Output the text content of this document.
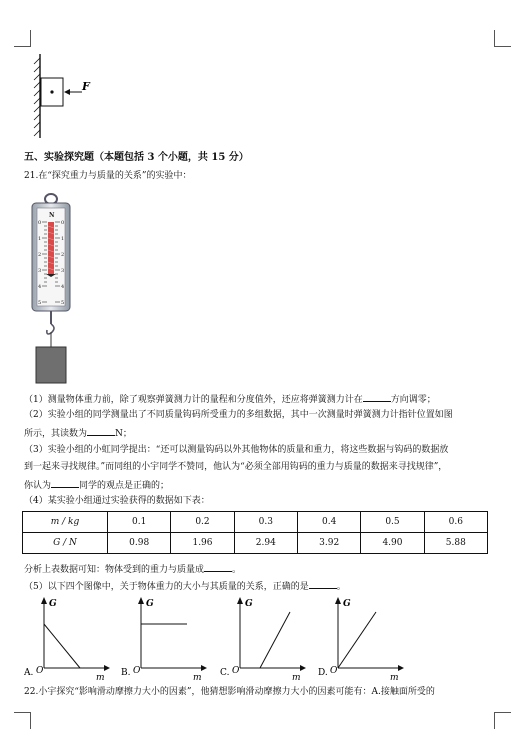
F
五、实验探究题（本题包括 3 个小题，共 15 分）
21.在“探究重力与质量的关系”的实验中：
N
0
1
2
3
4
5
0
1
2
3
4
5
（1）测量物体重力前，除了观察弹簧测力计的量程和分度值外，还应将弹簧测力计在	方向调零；
（2）实验小组的同学测量出了不同质量钩码所受重力的多组数据，其中一次测量时弹簧测力计指针位置如图
所示，其读数为	N；
（3）实验小组的小虹同学提出：“还可以测量钩码以外其他物体的质量和重力，将这些数据与钩码的数据放
到一起来寻找规律。”而同组的小宇同学不赞同，他认为“必须全部用钩码的重力与质量的数据来寻找规律”，
你认为	同学的观点是正确的；
（4）某实验小组通过实验获得的数据如下表：
m / kg	0.1	0.2	0.3	0.4	0.5	0.6
G / N	0.98	1.96	2.94	3.92	4.90	5.88
分析上表数据可知：物体受到的重力与质量成	。
（5）以下四个图像中，关于物体重力的大小与其质量的关系，正确的是	。
G
m
O
A.
G
m
O
B.
G
m
O
C.
G
m
O
D.
22.小宇探究“影响滑动摩擦力大小的因素”，他猜想影响滑动摩擦力大小的因素可能有：A.接触面所受的
